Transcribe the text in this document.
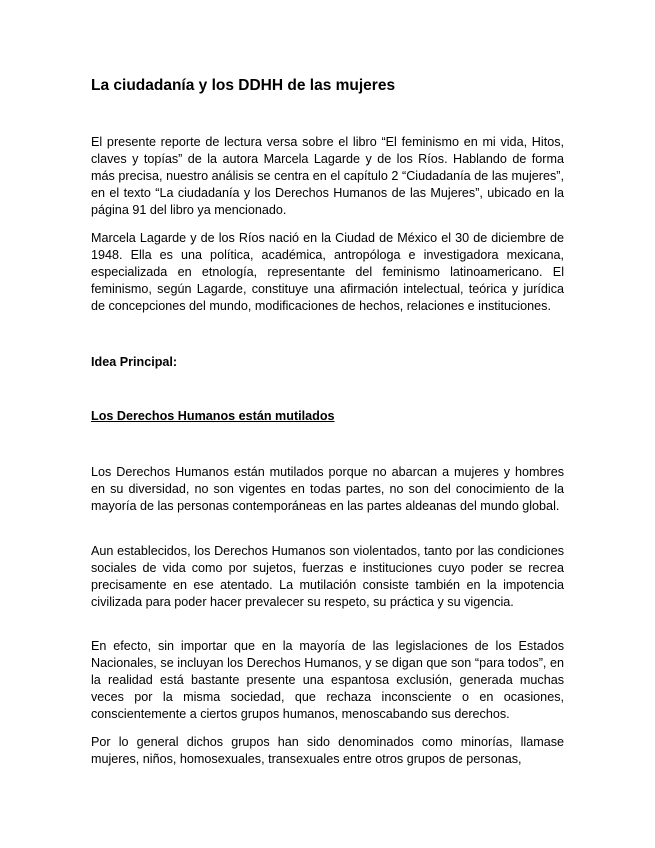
La ciudadanía y los DDHH de las mujeres

El presente reporte de lectura versa sobre el libro “El feminismo en mi vida, Hitos, claves y topías” de la autora Marcela Lagarde y de los Ríos. Hablando de forma más precisa, nuestro análisis se centra en el capítulo 2 “Ciudadanía de las mujeres”, en el texto “La ciudadanía y los Derechos Humanos de las Mujeres”, ubicado en la página 91 del libro ya mencionado.

Marcela Lagarde y de los Ríos nació en la Ciudad de México el 30 de diciembre de 1948. Ella es una política, académica, antropóloga e investigadora mexicana, especializada en etnología, representante del feminismo latinoamericano. El feminismo, según Lagarde, constituye una afirmación intelectual, teórica y jurídica de concepciones del mundo, modificaciones de hechos, relaciones e instituciones.

Idea Principal:

Los Derechos Humanos están mutilados

Los Derechos Humanos están mutilados porque no abarcan a mujeres y hombres en su diversidad, no son vigentes en todas partes, no son del conocimiento de la mayoría de las personas contemporáneas en las partes aldeanas del mundo global.

Aun establecidos, los Derechos Humanos son violentados, tanto por las condiciones sociales de vida como por sujetos, fuerzas e instituciones cuyo poder se recrea precisamente en ese atentado. La mutilación consiste también en la impotencia civilizada para poder hacer prevalecer su respeto, su práctica y su vigencia.

En efecto, sin importar que en la mayoría de las legislaciones de los Estados Nacionales, se incluyan los Derechos Humanos, y se digan que son “para todos”, en la realidad está bastante presente una espantosa exclusión, generada muchas veces por la misma sociedad, que rechaza inconsciente o en ocasiones, conscientemente a ciertos grupos humanos, menoscabando sus derechos.

Por lo general dichos grupos han sido denominados como minorías, llamase mujeres, niños, homosexuales, transexuales entre otros grupos de personas,
